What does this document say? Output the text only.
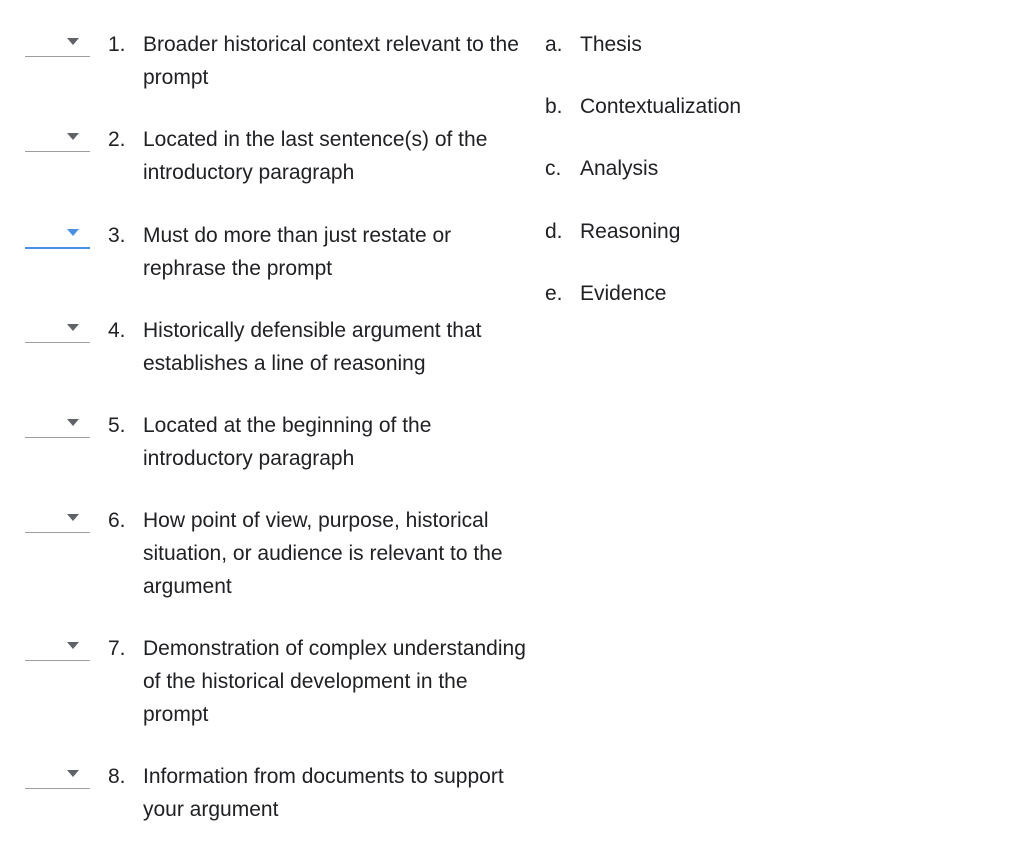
1. Broader historical context relevant to the prompt
2. Located in the last sentence(s) of the introductory paragraph
3. Must do more than just restate or rephrase the prompt
4. Historically defensible argument that establishes a line of reasoning
5. Located at the beginning of the introductory paragraph
6. How point of view, purpose, historical situation, or audience is relevant to the argument
7. Demonstration of complex understanding of the historical development in the prompt
8. Information from documents to support your argument
a. Thesis
b. Contextualization
c. Analysis
d. Reasoning
e. Evidence
